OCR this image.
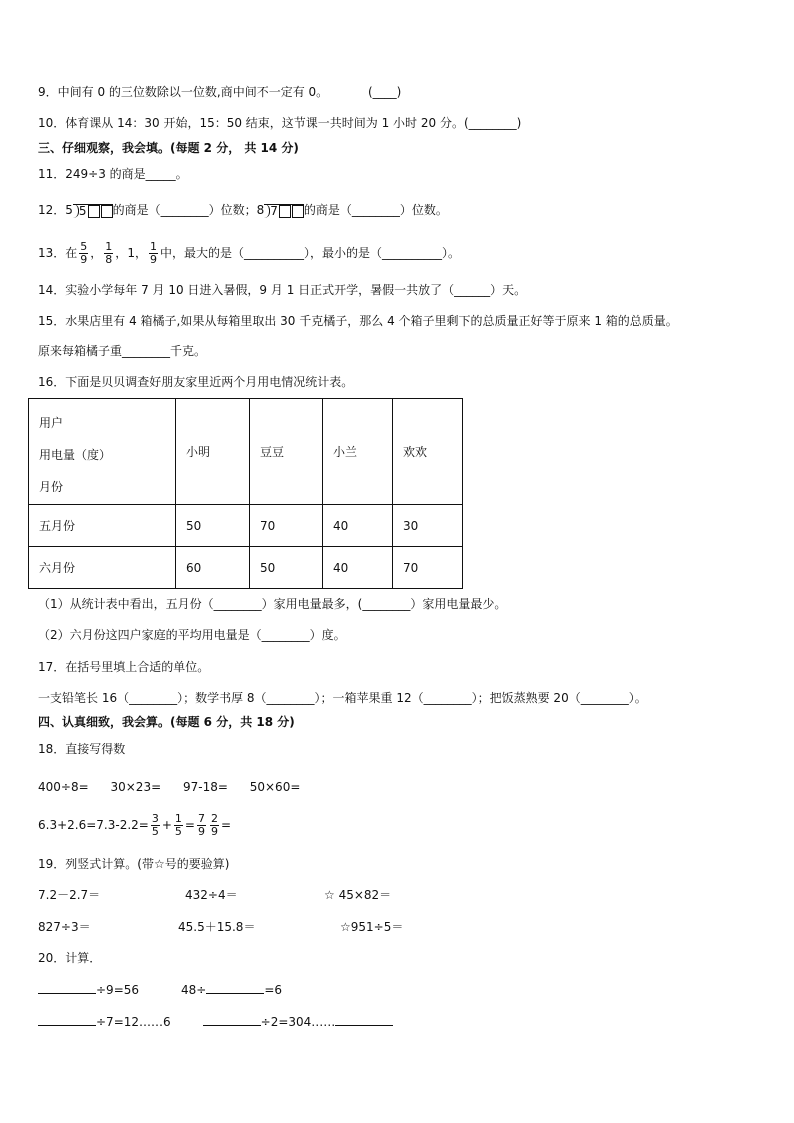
9．中间有 0 的三位数除以一位数,商中间不一定有 0。	(____)
10．体育课从 14：30 开始，15：50 结束，这节课一共时间为 1 小时 20 分。(________)
三、仔细观察，我会填。(每题 2 分， 共 14 分)
11．249÷3 的商是_____。
12．5 5 的商是（________）位数；8 7 的商是（________）位数。
13．在 $\frac{5}{9}$ ， $\frac{1}{8}$ ，1， $\frac{1}{9}$ 中，最大的是（__________），最小的是（__________）。
14．实验小学每年 7 月 10 日进入暑假，9 月 1 日正式开学，暑假一共放了（______）天。
15．水果店里有 4 箱橘子,如果从每箱里取出 30 千克橘子，那么 4 个箱子里剩下的总质量正好等于原来 1 箱的总质量。
原来每箱橘子重________千克。
16．下面是贝贝调查好朋友家里近两个月用电情况统计表。
用户
用电量（度）
月份	小明	豆豆	小兰	欢欢
五月份	50	70	40	30
六月份	60	50	40	70
（1）从统计表中看出，五月份（________）家用电量最多，(________）家用电量最少。
（2）六月份这四户家庭的平均用电量是（________）度。
17．在括号里填上合适的单位。
一支铅笔长 16（________）；数学书厚 8（________）；一箱苹果重 12（________）；把饭蒸熟要 20（________）。
四、认真细致，我会算。(每题 6 分，共 18 分)
18．直接写得数
400÷8= 30×23= 97-18= 50×60=
$6.3+2.6=7.3-2.2= \frac{3}{5} + \frac{1}{5} = \frac{7}{9} \frac{2}{9}$ =
19．列竖式计算。(带☆号的要验算)
7.2－2.7＝	432÷4＝	☆ 45×82＝
827÷3＝	45.5＋15.8＝	☆951÷5＝
20．计算．
÷9=56	48÷	=6
÷7=12……6	÷2=304……
